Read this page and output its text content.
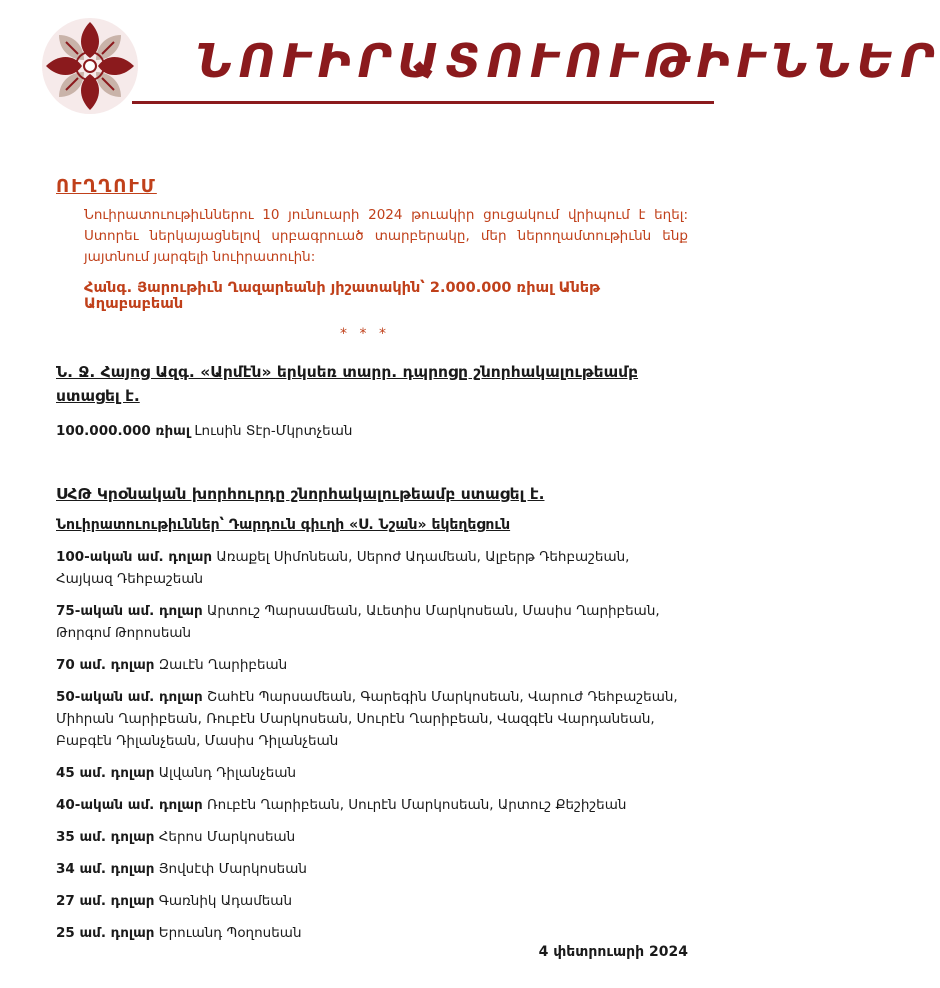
ՆՈՒԻՐԱՏՈՒՈՒԹԻՒՆՆԵՐ
ՈՒՂՂՈՒՄ
Նուիրատուութիւններու 10 յունուարի 2024 թուակիր ցուցակում վրիպում է եղել: Ստորեւ ներկայացնելով սրբագրուած տարբերակը, մեր ներողամտութիւնն ենք յայտնում յարգելի նուիրատուին:
Հանգ. Յարութիւն Ղազարեանի յիշատակին՝ 2.000.000 ռիալ Անեթ Աղաբաբեան
* * *
Ն. Ջ. Հայոց Ազգ. «Արմէն» երկսեռ տարր. դպրոցը շնորհակալութեամբ ստացել է.
100.000.000 ռիալ Լուսին Տէր-Մկրտչեան
ՍՀԹ Կրօնական խորհուրդը շնորհակալութեամբ ստացել է.
Նուիրատուութիւններ՝ Դարդուն գիւղի «Ս. Նշան» եկեղեցուն
100-ական ամ. դոլար Առաքել Սիմոնեան, Սերոժ Ադամեան, Ալբերթ Դեհբաշեան, Հայկազ Դեհբաշեան
75-ական ամ. դոլար Արտուշ Պարսամեան, Աւետիս Մարկոսեան, Մասիս Ղարիբեան, Թորգոմ Թորոսեան
70 ամ. դոլար Զաւէն Ղարիբեան
50-ական ամ. դոլար Շահէն Պարսամեան, Գարեգին Մարկոսեան, Վարուժ Դեհբաշեան, Միհրան Ղարիբեան, Ռուբէն Մարկոսեան, Սուրէն Ղարիբեան, Վազգէն Վարդանեան, Բաբգէն Դիլանչեան, Մասիս Դիլանչեան
45 ամ. դոլար Ալվանդ Դիլանչեան
40-ական ամ. դոլար Ռուբէն Ղարիբեան, Սուրէն Մարկոսեան, Արտուշ Քեշիշեան
35 ամ. դոլար Հերոս Մարկոսեան
34 ամ. դոլար Յովսէփ Մարկոսեան
27 ամ. դոլար Գառնիկ Ադամեան
25 ամ. դոլար Երուանդ Պօղոսեան
4 փետրուարի 2024
